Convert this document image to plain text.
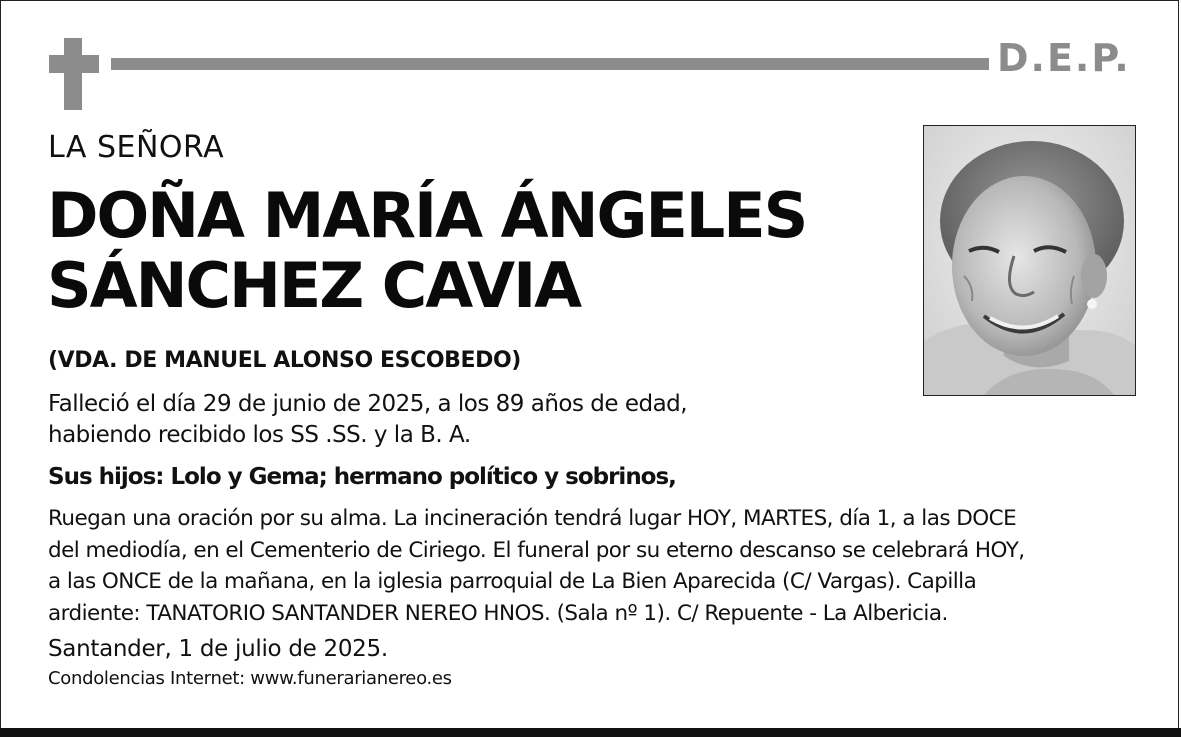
D.E.P.
LA SEÑORA
DOÑA MARÍA ÁNGELES
SÁNCHEZ CAVIA
(VDA. DE MANUEL ALONSO ESCOBEDO)
Falleció el día 29 de junio de 2025, a los 89 años de edad,
habiendo recibido los SS .SS. y la B. A.
Sus hijos: Lolo y Gema; hermano político y sobrinos,
Ruegan una oración por su alma. La incineración tendrá lugar HOY, MARTES, día 1, a las DOCE
del mediodía, en el Cementerio de Ciriego. El funeral por su eterno descanso se celebrará HOY,
a las ONCE de la mañana, en la iglesia parroquial de La Bien Aparecida (C/ Vargas). Capilla
ardiente: TANATORIO SANTANDER NEREO HNOS. (Sala nº 1). C/ Repuente - La Albericia.
Santander, 1 de julio de 2025.
Condolencias Internet: www.funerarianereo.es
